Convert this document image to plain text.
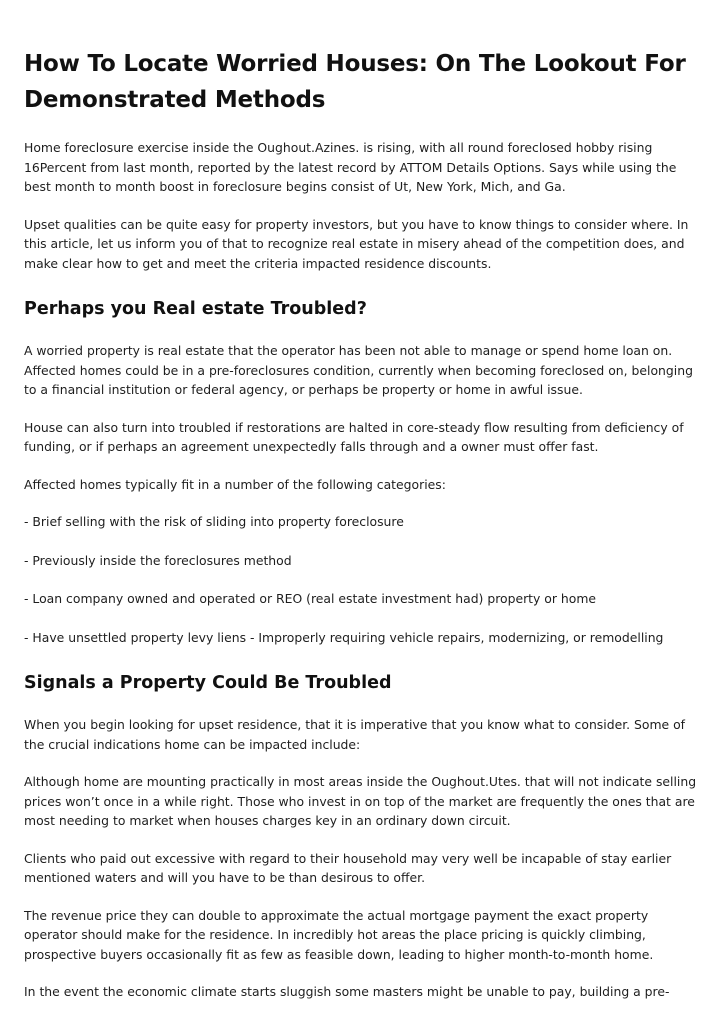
How To Locate Worried Houses: On The Lookout For Demonstrated Methods

Home foreclosure exercise inside the Oughout.Azines. is rising, with all round foreclosed hobby rising 16Percent from last month, reported by the latest record by ATTOM Details Options. Says while using the best month to month boost in foreclosure begins consist of Ut, New York, Mich, and Ga.

Upset qualities can be quite easy for property investors, but you have to know things to consider where. In this article, let us inform you of that to recognize real estate in misery ahead of the competition does, and make clear how to get and meet the criteria impacted residence discounts.

Perhaps you Real estate Troubled?

A worried property is real estate that the operator has been not able to manage or spend home loan on. Affected homes could be in a pre-foreclosures condition, currently when becoming foreclosed on, belonging to a financial institution or federal agency, or perhaps be property or home in awful issue.

House can also turn into troubled if restorations are halted in core-steady flow resulting from deficiency of funding, or if perhaps an agreement unexpectedly falls through and a owner must offer fast.

Affected homes typically fit in a number of the following categories:

- Brief selling with the risk of sliding into property foreclosure

- Previously inside the foreclosures method

- Loan company owned and operated or REO (real estate investment had) property or home

- Have unsettled property levy liens - Improperly requiring vehicle repairs, modernizing, or remodelling

Signals a Property Could Be Troubled

When you begin looking for upset residence, that it is imperative that you know what to consider. Some of the crucial indications home can be impacted include:

Although home are mounting practically in most areas inside the Oughout.Utes. that will not indicate selling prices won’t once in a while right. Those who invest in on top of the market are frequently the ones that are most needing to market when houses charges key in an ordinary down circuit.

Clients who paid out excessive with regard to their household may very well be incapable of stay earlier mentioned waters and will you have to be than desirous to offer.

The revenue price they can double to approximate the actual mortgage payment the exact property operator should make for the residence. In incredibly hot areas the place pricing is quickly climbing, prospective buyers occasionally fit as few as feasible down, leading to higher month-to-month home.

In the event the economic climate starts sluggish some masters might be unable to pay, building a pre-
